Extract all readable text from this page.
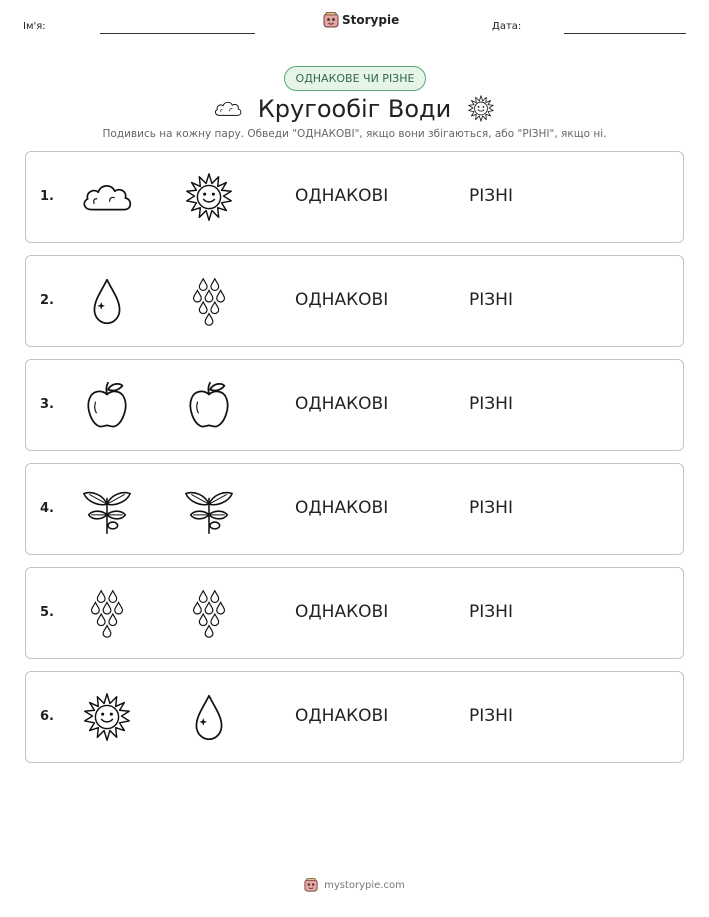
Ім'я:	Storypie	Дата:
ОДНАКОВЕ ЧИ РІЗНЕ
Кругообіг Води
Подивись на кожну пару. Обведи "ОДНАКОВІ", якщо вони збігаються, або "РІЗНІ", якщо ні.
1.	ОДНАКОВІ	РІЗНІ
2.	ОДНАКОВІ	РІЗНІ
3.	ОДНАКОВІ	РІЗНІ
4.	ОДНАКОВІ	РІЗНІ
5.	ОДНАКОВІ	РІЗНІ
6.	ОДНАКОВІ	РІЗНІ
mystorypie.com
